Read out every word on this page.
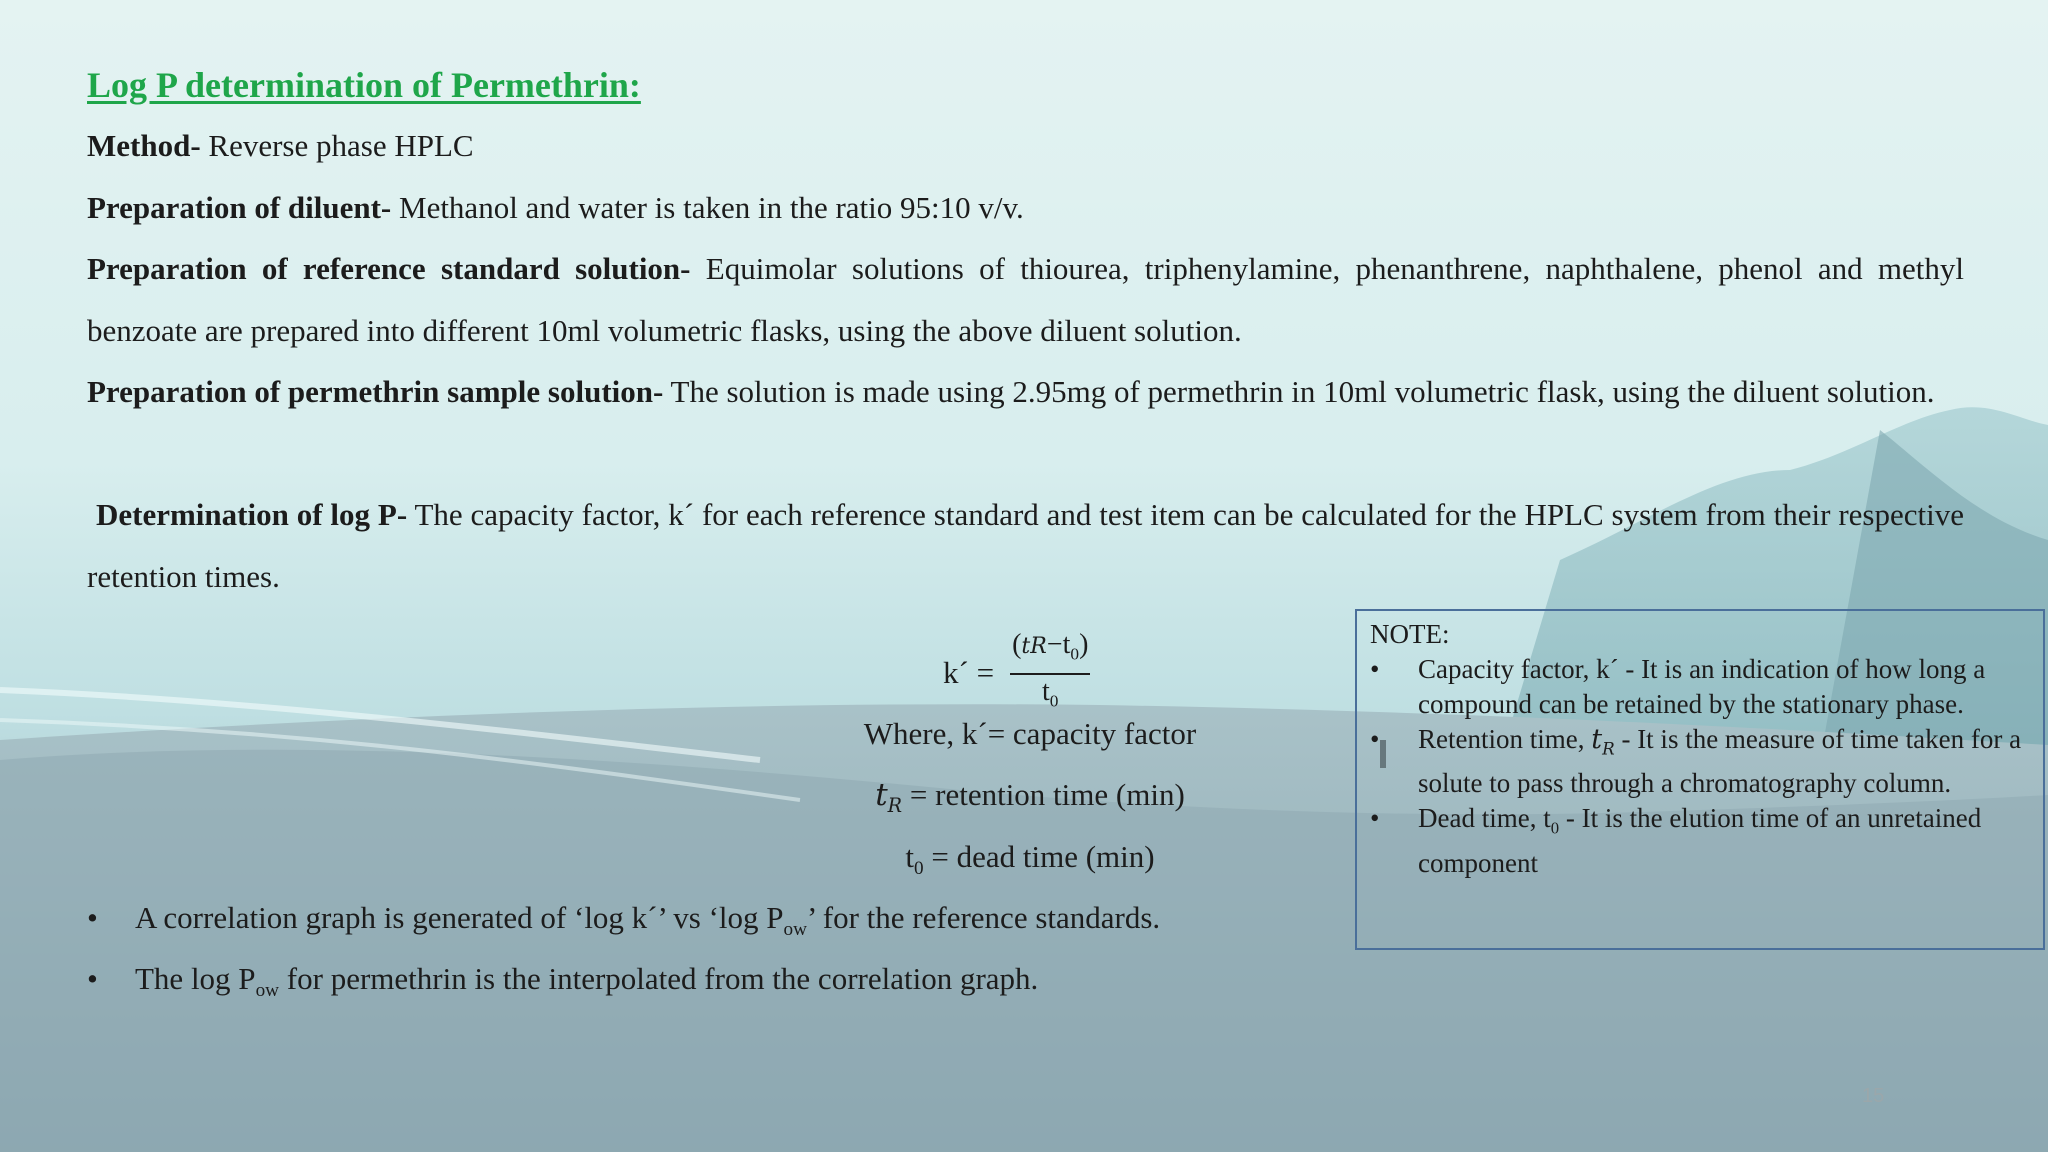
Log P determination of Permethrin:

Method- Reverse phase HPLC

Preparation of diluent- Methanol and water is taken in the ratio 95:10 v/v.

Preparation of reference standard solution- Equimolar solutions of thiourea, triphenylamine, phenanthrene, naphthalene, phenol and methyl benzoate are prepared into different 10ml volumetric flasks, using the above diluent solution.

Preparation of permethrin sample solution- The solution is made using 2.95mg of permethrin in 10ml volumetric flask, using the diluent solution.

Determination of log P- The capacity factor, k´ for each reference standard and test item can be calculated for the HPLC system from their respective retention times.

k´ = $\frac{(tR-t_0)}{t_0}$
Where, k´= capacity factor
$t_R$ = retention time (min)
$t_0$ = dead time (min)
• A correlation graph is generated of ‘log k´’ vs ‘log $P_{ow}$’ for the reference standards.
• The $\log P_{ow}$ for permethrin is the interpolated from the correlation graph.

NOTE:

• Capacity factor, k´ - It is an indication of how long a compound can be retained by the stationary phase.
• Retention time, $t_R$ - It is the measure of time taken for a solute to pass through a chromatography column.
• Dead time, $t_0$ - It is the elution time of an unretained component
15
